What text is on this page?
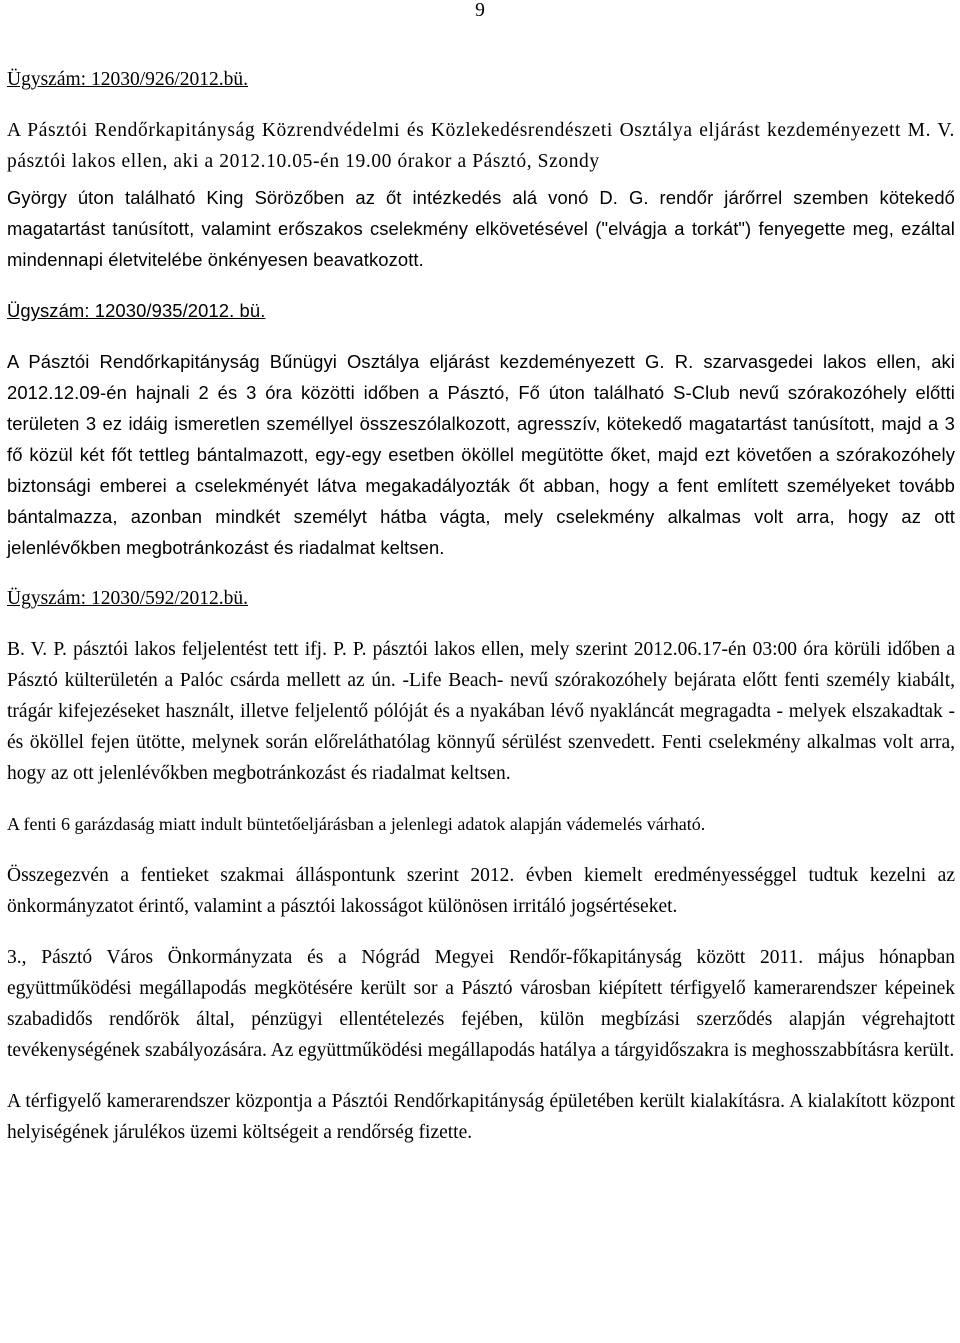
9
Ügyszám: 12030/926/2012.bü.

A Pásztói Rendőrkapitányság Közrendvédelmi és Közlekedésrendészeti Osztálya eljárást kezdeményezett M. V. pásztói lakos ellen, aki a 2012.10.05-én 19.00 órakor a Pásztó, Szondy

György úton található King Sörözőben az őt intézkedés alá vonó D. G. rendőr járőrrel szemben kötekedő magatartást tanúsított, valamint erőszakos cselekmény elkövetésével ("elvágja a torkát") fenyegette meg, ezáltal mindennapi életvitelébe önkényesen beavatkozott.

Ügyszám: 12030/935/2012. bü.

A Pásztói Rendőrkapitányság Bűnügyi Osztálya eljárást kezdeményezett G. R. szarvasgedei lakos ellen, aki 2012.12.09-én hajnali 2 és 3 óra közötti időben a Pásztó, Fő úton található S-Club nevű szórakozóhely előtti területen 3 ez idáig ismeretlen személlyel összeszólalkozott, agresszív, kötekedő magatartást tanúsított, majd a 3 fő közül két főt tettleg bántalmazott, egy-egy esetben ököllel megütötte őket, majd ezt követően a szórakozóhely biztonsági emberei a cselekményét látva megakadályozták őt abban, hogy a fent említett személyeket tovább bántalmazza, azonban mindkét személyt hátba vágta, mely cselekmény alkalmas volt arra, hogy az ott jelenlévőkben megbotránkozást és riadalmat keltsen.

Ügyszám: 12030/592/2012.bü.

B. V. P. pásztói lakos feljelentést tett ifj. P. P. pásztói lakos ellen, mely szerint 2012.06.17-én 03:00 óra körüli időben a Pásztó külterületén a Palóc csárda mellett az ún. -Life Beach- nevű szórakozóhely bejárata előtt fenti személy kiabált, trágár kifejezéseket használt, illetve feljelentő pólóját és a nyakában lévő nyakláncát megragadta - melyek elszakadtak - és ököllel fejen ütötte, melynek során előreláthatólag könnyű sérülést szenvedett. Fenti cselekmény alkalmas volt arra, hogy az ott jelenlévőkben megbotránkozást és riadalmat keltsen.

A fenti 6 garázdaság miatt indult büntetőeljárásban a jelenlegi adatok alapján vádemelés várható.

Összegezvén a fentieket szakmai álláspontunk szerint 2012. évben kiemelt eredményességgel tudtuk kezelni az önkormányzatot érintő, valamint a pásztói lakosságot különösen irritáló jogsértéseket.

3., Pásztó Város Önkormányzata és a Nógrád Megyei Rendőr-főkapitányság között 2011. május hónapban együttműködési megállapodás megkötésére került sor a Pásztó városban kiépített térfigyelő kamerarendszer képeinek szabadidős rendőrök által, pénzügyi ellentételezés fejében, külön megbízási szerződés alapján végrehajtott tevékenységének szabályozására. Az együttműködési megállapodás hatálya a tárgyidőszakra is meghosszabbításra került.

A térfigyelő kamerarendszer központja a Pásztói Rendőrkapitányság épületében került kialakításra. A kialakított központ helyiségének járulékos üzemi költségeit a rendőrség fizette.
